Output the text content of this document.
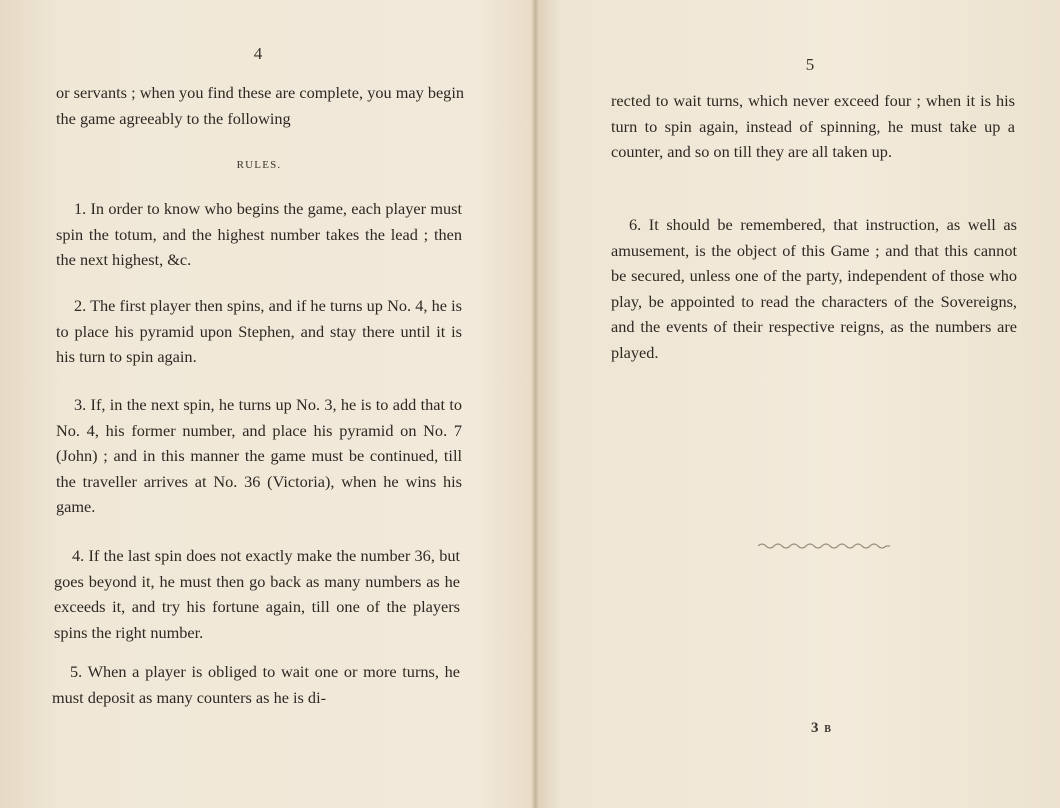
4

or servants ; when you find these are complete, you may begin the game agreeably to the following

RULES.

1. In order to know who begins the game, each player must spin the totum, and the highest number takes the lead ; then the next highest, &c.

2. The first player then spins, and if he turns up No. 4, he is to place his pyramid upon Stephen, and stay there until it is his turn to spin again.

3. If, in the next spin, he turns up No. 3, he is to add that to No. 4, his former number, and place his pyramid on No. 7 (John) ; and in this manner the game must be continued, till the traveller arrives at No. 36 (Victoria), when he wins his game.

4. If the last spin does not exactly make the number 36, but goes beyond it, he must then go back as many numbers as he exceeds it, and try his fortune again, till one of the players spins the right number.

5. When a player is obliged to wait one or more turns, he must deposit as many counters as he is di-

5

rected to wait turns, which never exceed four ; when it is his turn to spin again, instead of spinning, he must take up a counter, and so on till they are all taken up.

6. It should be remembered, that instruction, as well as amusement, is the object of this Game ; and that this cannot be secured, unless one of the party, independent of those who play, be appointed to read the characters of the Sovereigns, and the events of their respective reigns, as the numbers are played.

3 B
